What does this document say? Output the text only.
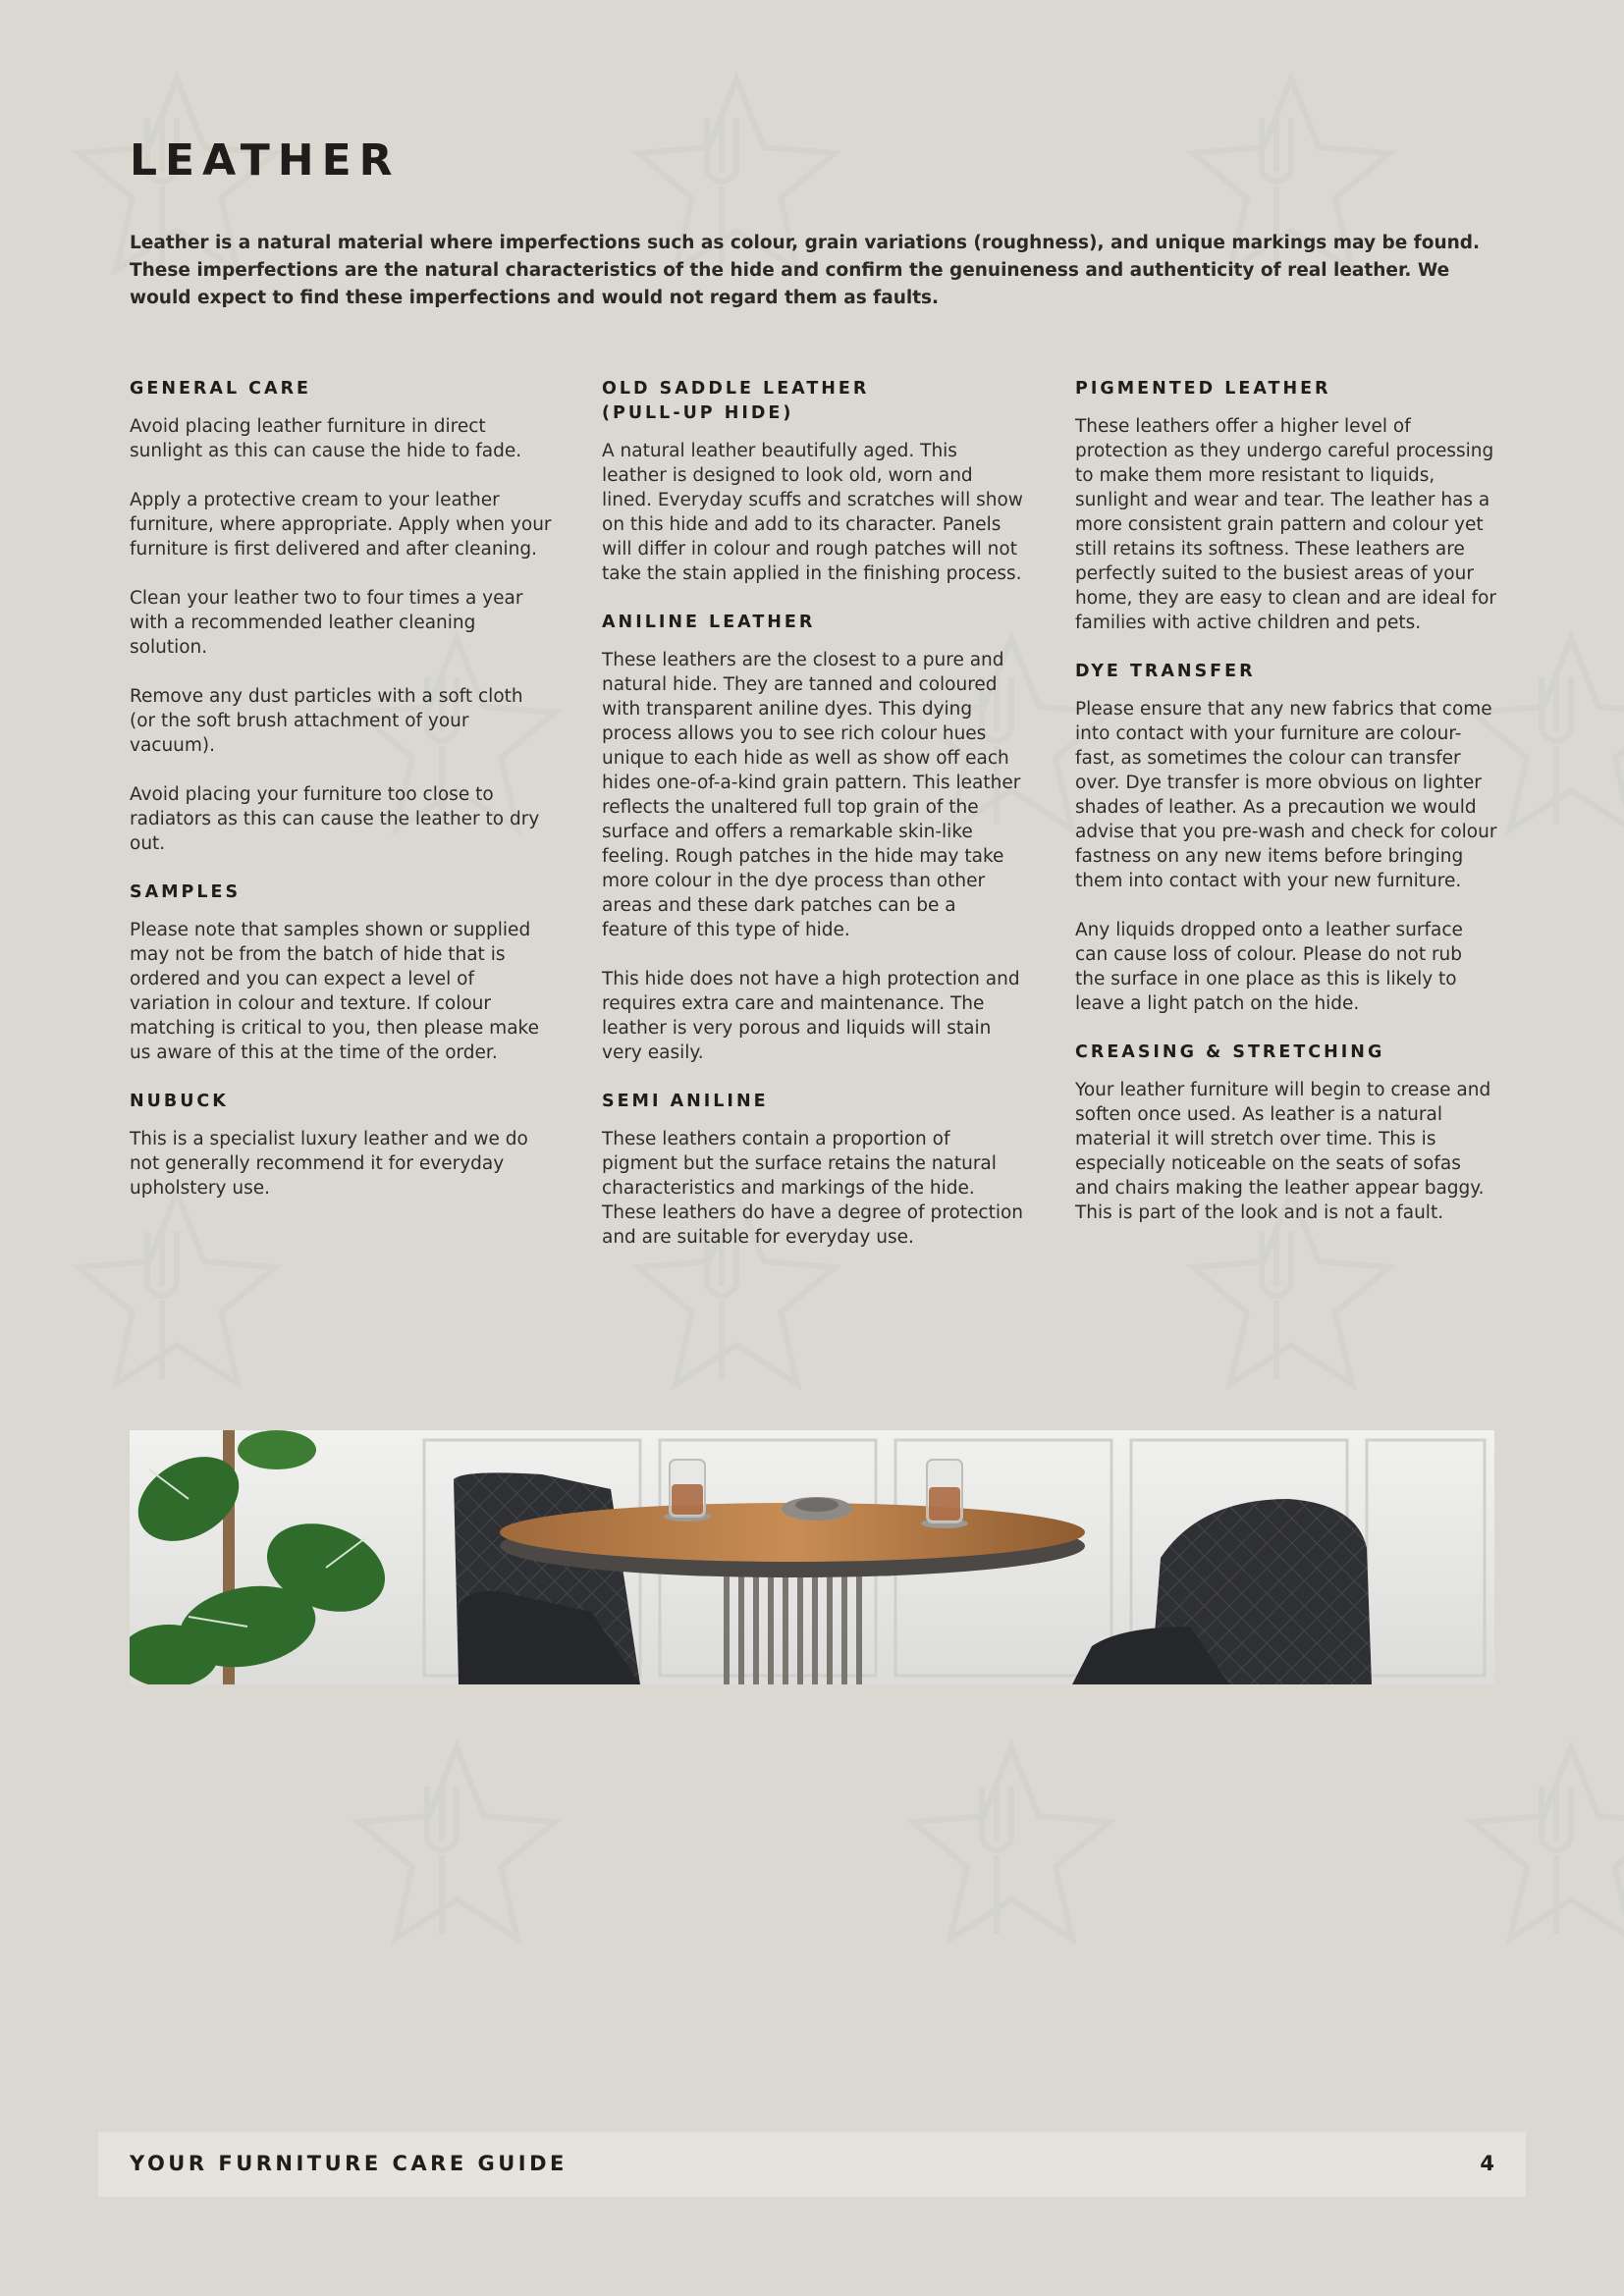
LEATHER

Leather is a natural material where imperfections such as colour, grain variations (roughness), and unique markings may be found. These imperfections are the natural characteristics of the hide and confirm the genuineness and authenticity of real leather. We would expect to find these imperfections and would not regard them as faults.

GENERAL CARE

Avoid placing leather furniture in direct sunlight as this can cause the hide to fade.

Apply a protective cream to your leather furniture, where appropriate. Apply when your furniture is first delivered and after cleaning.

Clean your leather two to four times a year with a recommended leather cleaning solution.

Remove any dust particles with a soft cloth (or the soft brush attachment of your vacuum).

Avoid placing your furniture too close to radiators as this can cause the leather to dry out.

SAMPLES

Please note that samples shown or supplied may not be from the batch of hide that is ordered and you can expect a level of variation in colour and texture. If colour matching is critical to you, then please make us aware of this at the time of the order.

NUBUCK

This is a specialist luxury leather and we do not generally recommend it for everyday upholstery use.

OLD SADDLE LEATHER (PULL-UP HIDE)

A natural leather beautifully aged. This leather is designed to look old, worn and lined. Everyday scuffs and scratches will show on this hide and add to its character. Panels will differ in colour and rough patches will not take the stain applied in the finishing process.

ANILINE LEATHER

These leathers are the closest to a pure and natural hide. They are tanned and coloured with transparent aniline dyes. This dying process allows you to see rich colour hues unique to each hide as well as show off each hides one-of-a-kind grain pattern. This leather reflects the unaltered full top grain of the surface and offers a remarkable skin-like feeling. Rough patches in the hide may take more colour in the dye process than other areas and these dark patches can be a feature of this type of hide.

This hide does not have a high protection and requires extra care and maintenance. The leather is very porous and liquids will stain very easily.

SEMI ANILINE

These leathers contain a proportion of pigment but the surface retains the natural characteristics and markings of the hide. These leathers do have a degree of protection and are suitable for everyday use.

PIGMENTED LEATHER

These leathers offer a higher level of protection as they undergo careful processing to make them more resistant to liquids, sunlight and wear and tear. The leather has a more consistent grain pattern and colour yet still retains its softness. These leathers are perfectly suited to the busiest areas of your home, they are easy to clean and are ideal for families with active children and pets.

DYE TRANSFER

Please ensure that any new fabrics that come into contact with your furniture are colour-fast, as sometimes the colour can transfer over. Dye transfer is more obvious on lighter shades of leather. As a precaution we would advise that you pre-wash and check for colour fastness on any new items before bringing them into contact with your new furniture.

Any liquids dropped onto a leather surface can cause loss of colour. Please do not rub the surface in one place as this is likely to leave a light patch on the hide.

CREASING & STRETCHING

Your leather furniture will begin to crease and soften once used. As leather is a natural material it will stretch over time. This is especially noticeable on the seats of sofas and chairs making the leather appear baggy. This is part of the look and is not a fault.

YOUR FURNITURE CARE GUIDE	4
